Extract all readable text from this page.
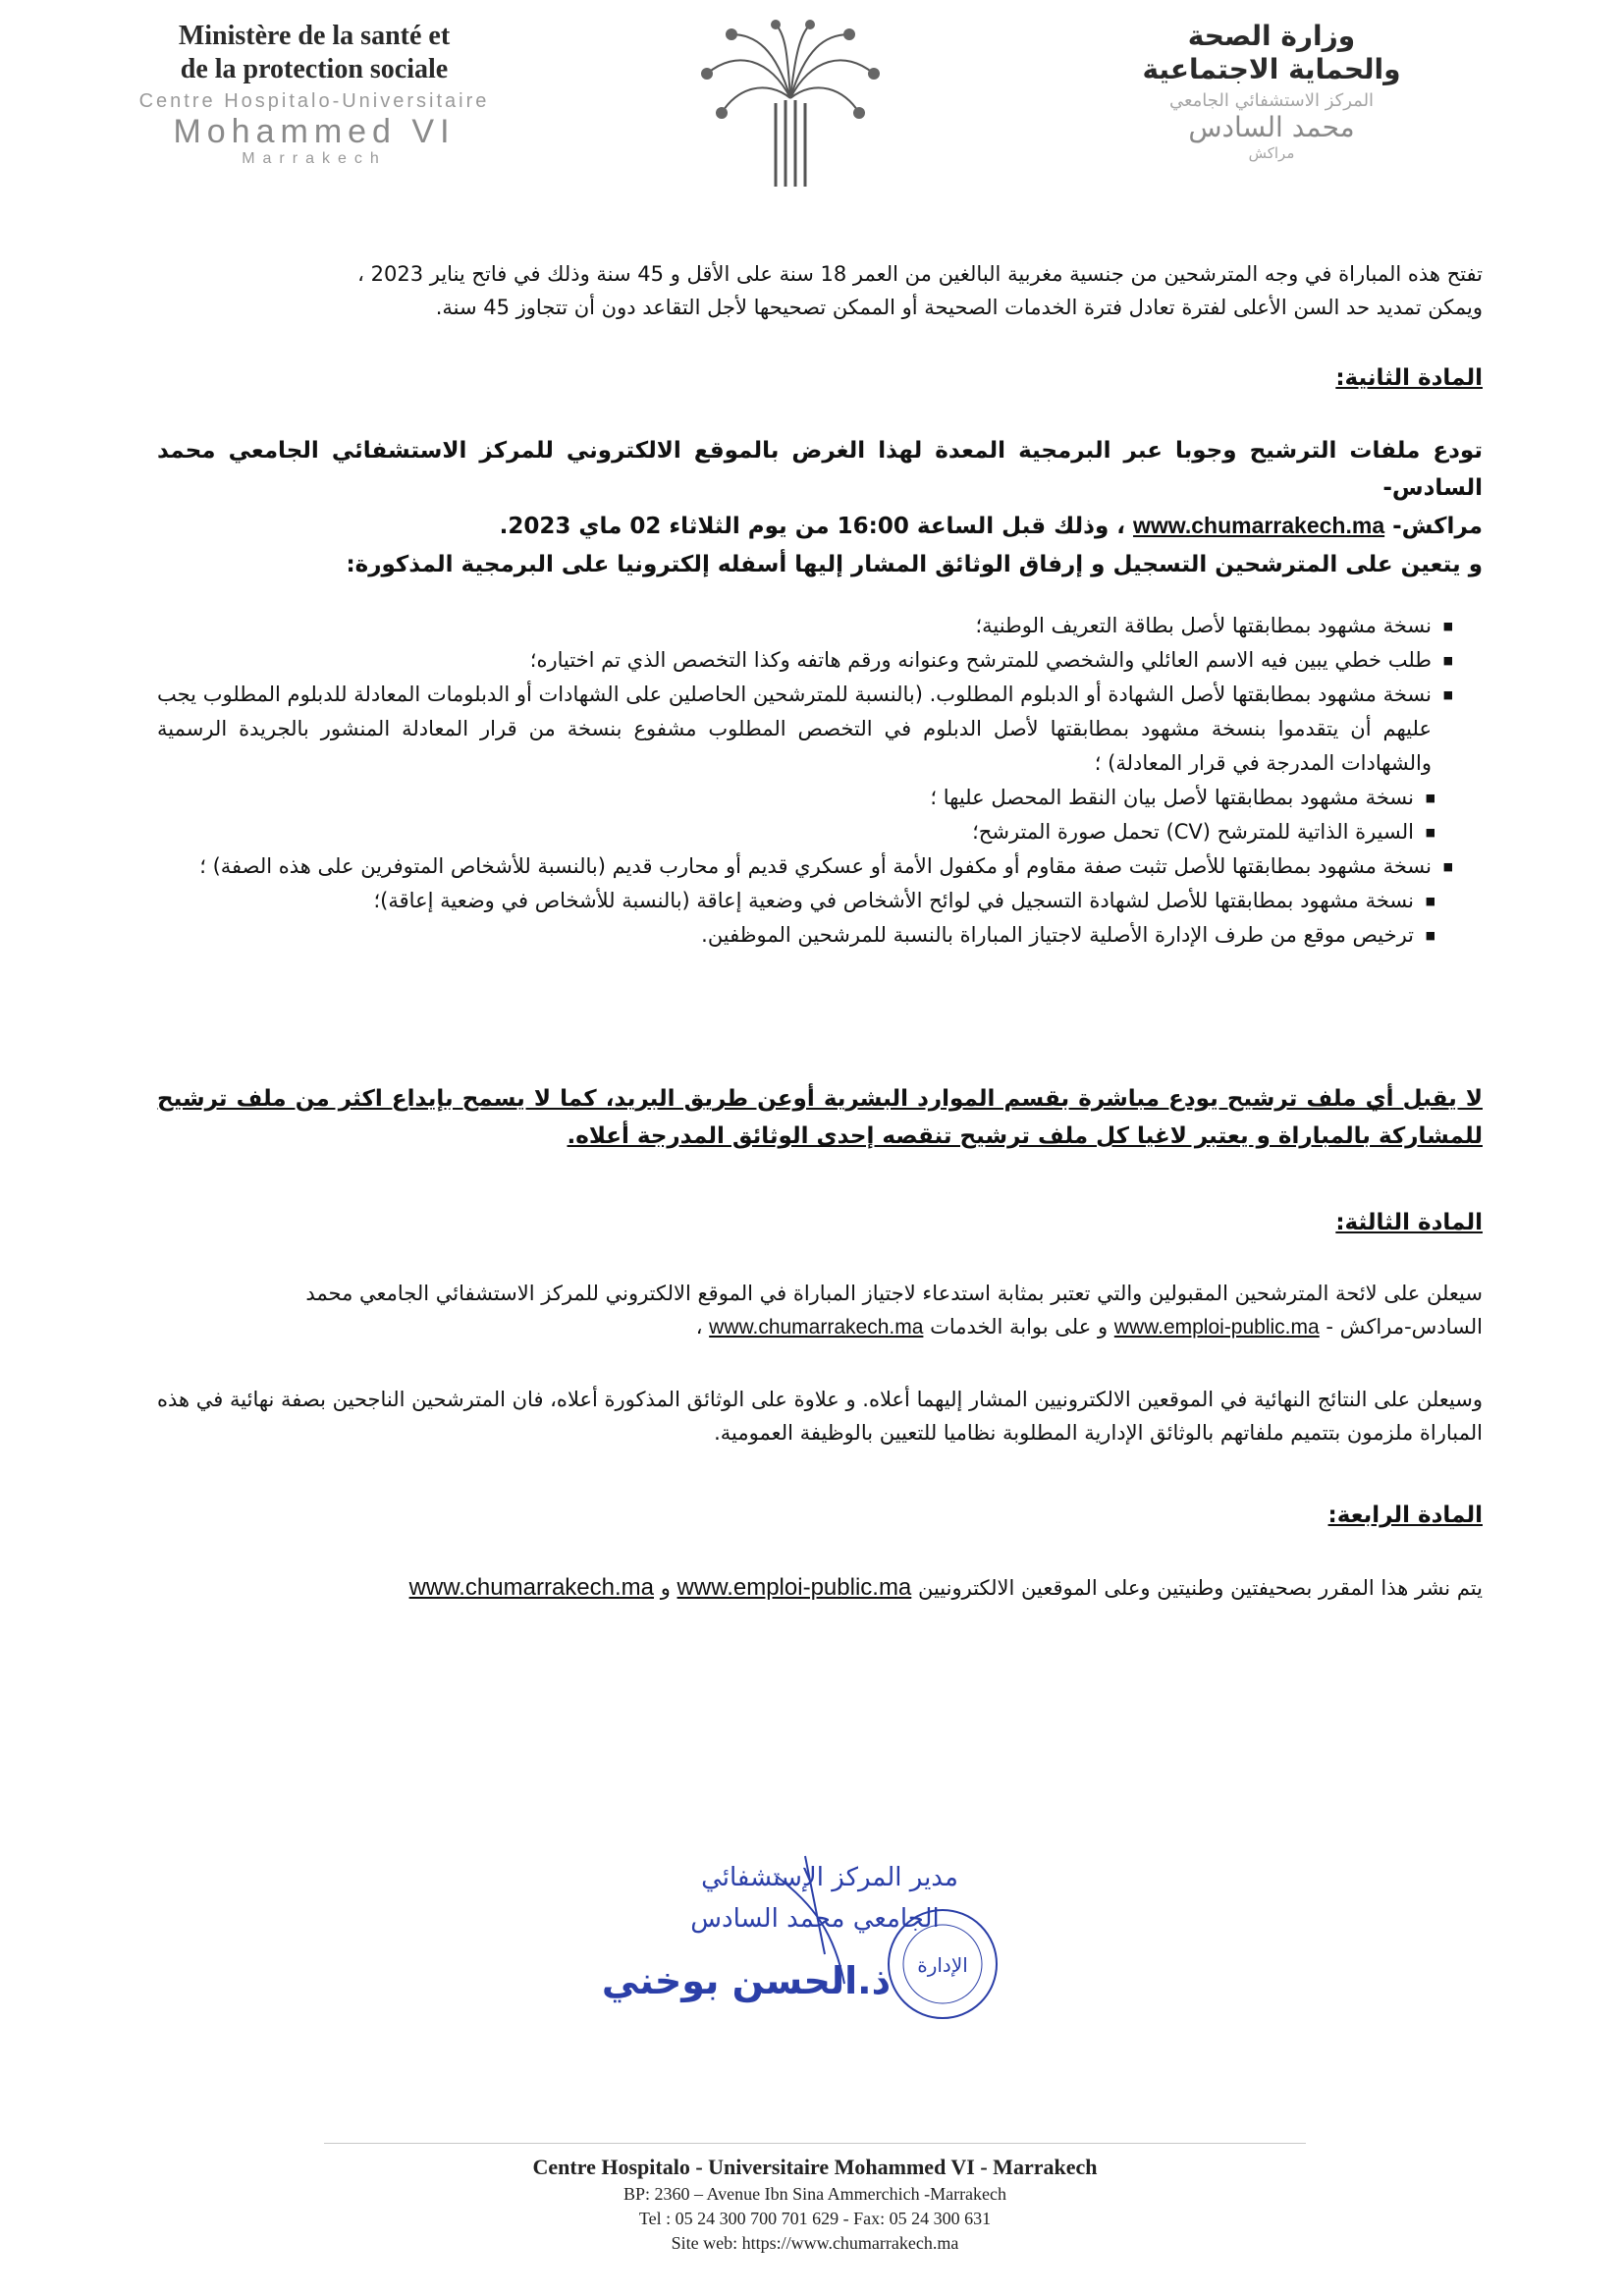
Ministère de la santé et
de la protection sociale
Centre Hospitalo-Universitaire
Mohammed VI
Marrakech
وزارة الصحة
والحماية الاجتماعية
المركز الاستشفائي الجامعي
محمد السادس
مراكش

تفتح هذه المباراة في وجه المترشحين من جنسية مغربية البالغين من العمر 18 سنة على الأقل و 45 سنة وذلك في فاتح يناير 2023 ،

ويمكن تمديد حد السن الأعلى لفترة تعادل فترة الخدمات الصحيحة أو الممكن تصحيحها لأجل التقاعد دون أن تتجاوز 45 سنة.

المادة الثانية:

تودع ملفات الترشيح وجوبا عبر البرمجية المعدة لهذا الغرض بالموقع الالكتروني للمركز الاستشفائي الجامعي محمد السادس-

مراكش- www.chumarrakech.ma ، وذلك قبل الساعة 16:00 من يوم الثلاثاء 02 ماي 2023.

و يتعين على المترشحين التسجيل و إرفاق الوثائق المشار إليها أسفله إلكترونيا على البرمجية المذكورة:

■ نسخة مشهود بمطابقتها لأصل بطاقة التعريف الوطنية؛
■ طلب خطي يبين فيه الاسم العائلي والشخصي للمترشح وعنوانه ورقم هاتفه وكذا التخصص الذي تم اختياره؛
■ نسخة مشهود بمطابقتها لأصل الشهادة أو الدبلوم المطلوب. (بالنسبة للمترشحين الحاصلين على الشهادات أو الدبلومات المعادلة للدبلوم المطلوب يجب عليهم أن يتقدموا بنسخة مشهود بمطابقتها لأصل الدبلوم في التخصص المطلوب مشفوع بنسخة من قرار المعادلة المنشور بالجريدة الرسمية والشهادات المدرجة في قرار المعادلة) ؛
■ نسخة مشهود بمطابقتها لأصل بيان النقط المحصل عليها ؛
■ السيرة الذاتية للمترشح (CV) تحمل صورة المترشح؛
■ نسخة مشهود بمطابقتها للأصل تثبت صفة مقاوم أو مكفول الأمة أو عسكري قديم أو محارب قديم (بالنسبة للأشخاص المتوفرين على هذه الصفة) ؛
■ نسخة مشهود بمطابقتها للأصل لشهادة التسجيل في لوائح الأشخاص في وضعية إعاقة (بالنسبة للأشخاص في وضعية إعاقة)؛
■ ترخيص موقع من طرف الإدارة الأصلية لاجتياز المباراة بالنسبة للمرشحين الموظفين.

لا يقبل أي ملف ترشيح يودع مباشرة بقسم الموارد البشرية أوعن طريق البريد، كما لا يسمح بإيداع اكثر من ملف ترشيح للمشاركة بالمباراة و يعتبر لاغيا كل ملف ترشيح تنقصه إحدى الوثائق المدرجة أعلاه.

المادة الثالثة:

سيعلن على لائحة المترشحين المقبولين والتي تعتبر بمثابة استدعاء لاجتياز المباراة في الموقع الالكتروني للمركز الاستشفائي الجامعي محمد

السادس-مراكش - www.emploi-public.ma و على بوابة الخدمات www.chumarrakech.ma ،

وسيعلن على النتائج النهائية في الموقعين الالكترونيين المشار إليهما أعلاه. و علاوة على الوثائق المذكورة أعلاه، فان المترشحين الناجحين بصفة نهائية في هذه المباراة ملزمون بتتميم ملفاتهم بالوثائق الإدارية المطلوبة نظاميا للتعيين بالوظيفة العمومية.

المادة الرابعة:

يتم نشر هذا المقرر بصحيفتين وطنيتين وعلى الموقعين الالكترونيين www.emploi-public.ma و www.chumarrakech.ma

مدير المركز الإستشفائي
الجامعي محمد السادس
ذ.الحسن بوخني الإدارة
Centre Hospitalo - Universitaire Mohammed VI - Marrakech
BP: 2360 – Avenue Ibn Sina Ammerchich -Marrakech
Tel : 05 24 300 700 701 629 - Fax: 05 24 300 631
Site web: https://www.chumarrakech.ma
